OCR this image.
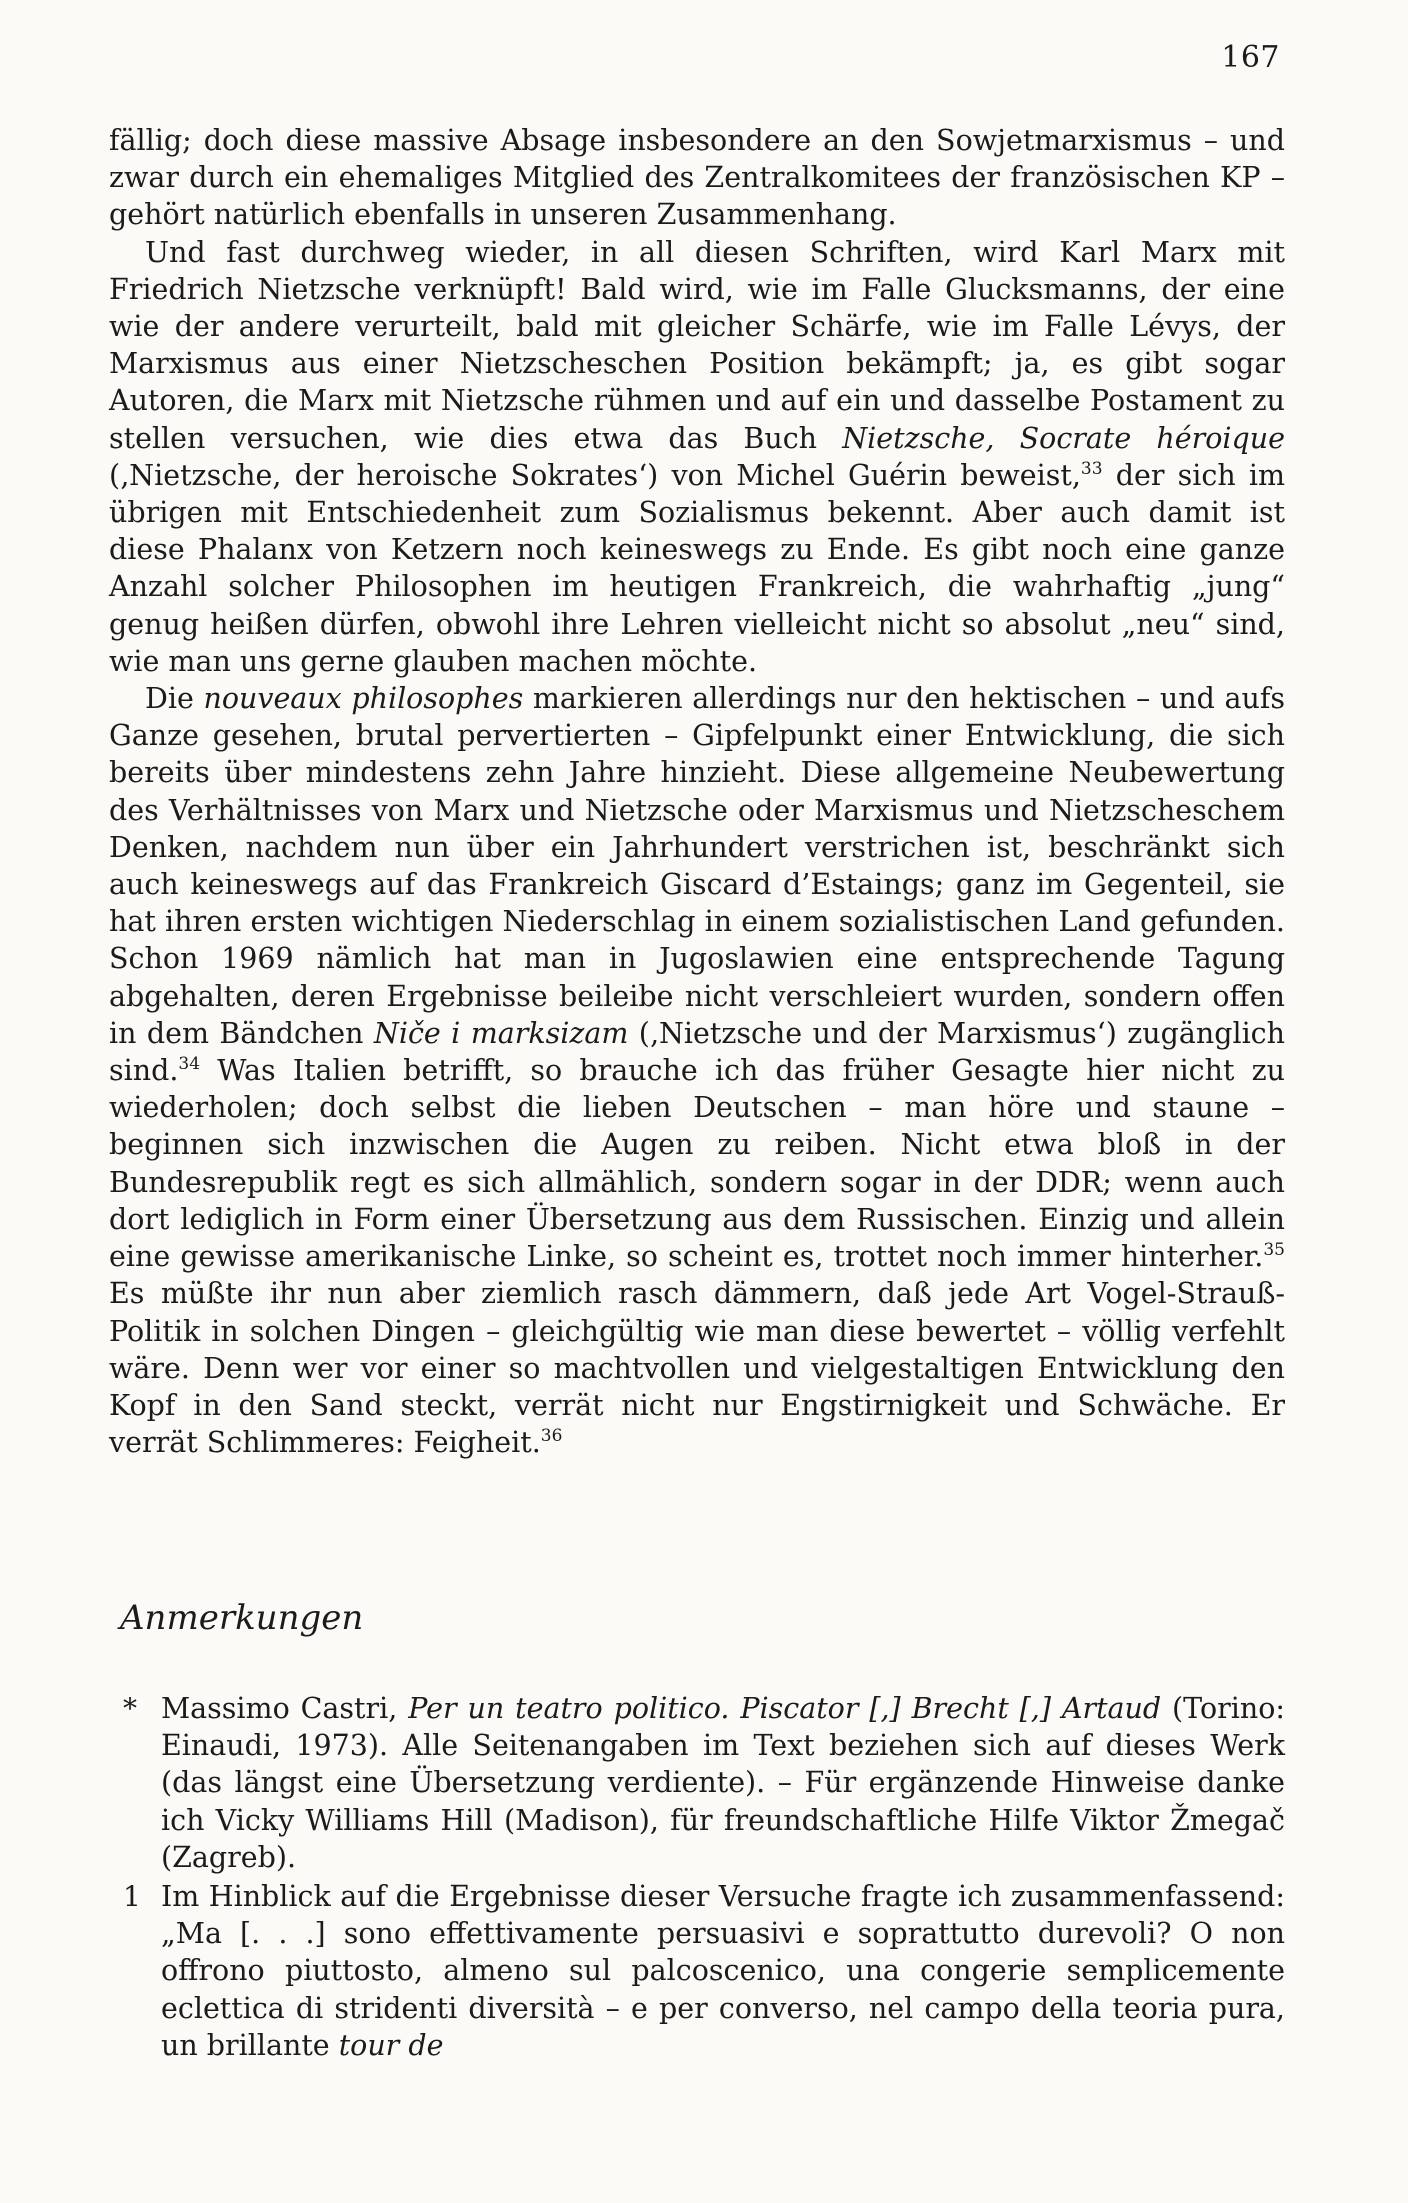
167

fällig; doch diese massive Absage insbesondere an den Sowjetmarxismus – und zwar durch ein ehemaliges Mitglied des Zentralkomitees der französischen KP – gehört natürlich ebenfalls in unseren Zusammenhang.

Und fast durchweg wieder, in all diesen Schriften, wird Karl Marx mit Friedrich Nietzsche verknüpft! Bald wird, wie im Falle Glucksmanns, der eine wie der andere verurteilt, bald mit gleicher Schärfe, wie im Falle Lévys, der Marxismus aus einer Nietzscheschen Position bekämpft; ja, es gibt sogar Autoren, die Marx mit Nietzsche rühmen und auf ein und dasselbe Postament zu stellen versuchen, wie dies etwa das Buch Nietzsche, Socrate héroique (‚Nietzsche, der heroische Sokrates‘) von Michel Guérin beweist,$^{33}$ der sich im übrigen mit Entschiedenheit zum Sozialismus bekennt. Aber auch damit ist diese Phalanx von Ketzern noch keineswegs zu Ende. Es gibt noch eine ganze Anzahl solcher Philosophen im heutigen Frankreich, die wahrhaftig „jung“ genug heißen dürfen, obwohl ihre Lehren vielleicht nicht so absolut „neu“ sind, wie man uns gerne glauben machen möchte.

Die nouveaux philosophes markieren allerdings nur den hektischen – und aufs Ganze gesehen, brutal pervertierten – Gipfelpunkt einer Entwicklung, die sich bereits über mindestens zehn Jahre hinzieht. Diese allgemeine Neubewertung des Verhältnisses von Marx und Nietzsche oder Marxismus und Nietzscheschem Denken, nachdem nun über ein Jahrhundert verstrichen ist, beschränkt sich auch keineswegs auf das Frankreich Giscard d’Estaings; ganz im Gegenteil, sie hat ihren ersten wichtigen Niederschlag in einem sozialistischen Land gefunden. Schon 1969 nämlich hat man in Jugoslawien eine entsprechende Tagung abgehalten, deren Ergebnisse beileibe nicht verschleiert wurden, sondern offen in dem Bändchen Niče i marksizam (‚Nietzsche und der Marxismus‘) zugänglich sind.$^{34}$ Was Italien betrifft, so brauche ich das früher Gesagte hier nicht zu wiederholen; doch selbst die lieben Deutschen – man höre und staune – beginnen sich inzwischen die Augen zu reiben. Nicht etwa bloß in der Bundesrepublik regt es sich allmählich, sondern sogar in der DDR; wenn auch dort lediglich in Form einer Übersetzung aus dem Russischen. Einzig und allein eine gewisse amerikanische Linke, so scheint es, trottet noch immer hinterher.$^{35}$ Es müßte ihr nun aber ziemlich rasch dämmern, daß jede Art Vogel-Strauß-Politik in solchen Dingen – gleichgültig wie man diese bewertet – völlig verfehlt wäre. Denn wer vor einer so machtvollen und vielgestaltigen Entwicklung den Kopf in den Sand steckt, verrät nicht nur Engstirnigkeit und Schwäche. Er verrät Schlimmeres: Feigheit.$^{36}$

Anmerkungen
* Massimo Castri, Per un teatro politico. Piscator [,] Brecht [,] Artaud (Torino: Einaudi, 1973). Alle Seitenangaben im Text beziehen sich auf dieses Werk (das längst eine Übersetzung verdiente). – Für ergänzende Hinweise danke ich Vicky Williams Hill (Madison), für freundschaftliche Hilfe Viktor Žmegač (Zagreb).

1 Im Hinblick auf die Ergebnisse dieser Versuche fragte ich zusammenfassend: „Ma [. . .] sono effettivamente persuasivi e soprattutto durevoli? O non offrono piuttosto, almeno sul palcoscenico, una congerie semplicemente eclettica di stridenti diversità – e per converso, nel campo della teoria pura, un brillante tour de
